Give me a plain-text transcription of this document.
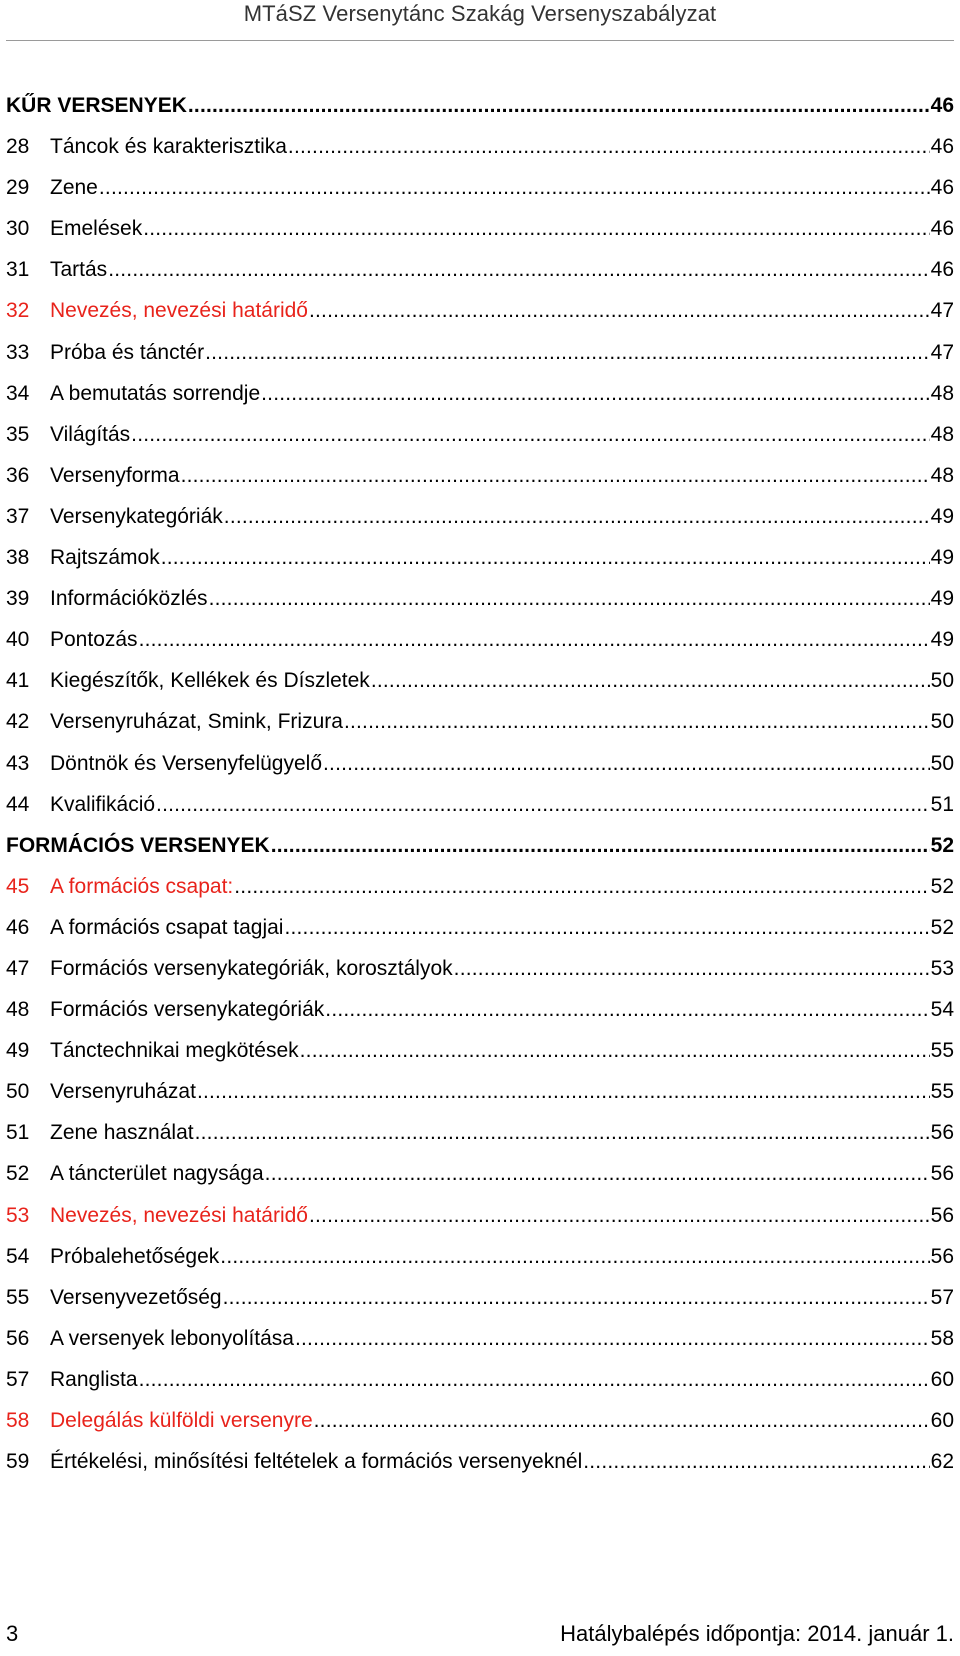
MTáSZ Versenytánc Szakág Versenyszabályzat
KŰR VERSENYEK .....	46
28 Táncok és karakterisztika .....	46
29 Zene .....	46
30 Emelések .....	46
31 Tartás .....	46
32 Nevezés, nevezési határidő .....	47
33 Próba és tánctér .....	47
34 A bemutatás sorrendje .....	48
35 Világítás .....	48
36 Versenyforma .....	48
37 Versenykategóriák .....	49
38 Rajtszámok .....	49
39 Információközlés .....	49
40 Pontozás .....	49
41 Kiegészítők, Kellékek és Díszletek .....	50
42 Versenyruházat, Smink, Frizura .....	50
43 Döntnök és Versenyfelügyelő .....	50
44 Kvalifikáció .....	51
FORMÁCIÓS VERSENYEK .....	52
45 A formációs csapat: .....	52
46 A formációs csapat tagjai .....	52
47 Formációs versenykategóriák, korosztályok .....	53
48 Formációs versenykategóriák .....	54
49 Tánctechnikai megkötések .....	55
50 Versenyruházat .....	55
51 Zene használat .....	56
52 A táncterület nagysága .....	56
53 Nevezés, nevezési határidő .....	56
54 Próbalehetőségek .....	56
55 Versenyvezetőség .....	57
56 A versenyek lebonyolítása .....	58
57 Ranglista .....	60
58 Delegálás külföldi versenyre .....	60
59 Értékelési, minősítési feltételek a formációs versenyeknél .....	62
3	Hatálybalépés időpontja: 2014. január 1.
